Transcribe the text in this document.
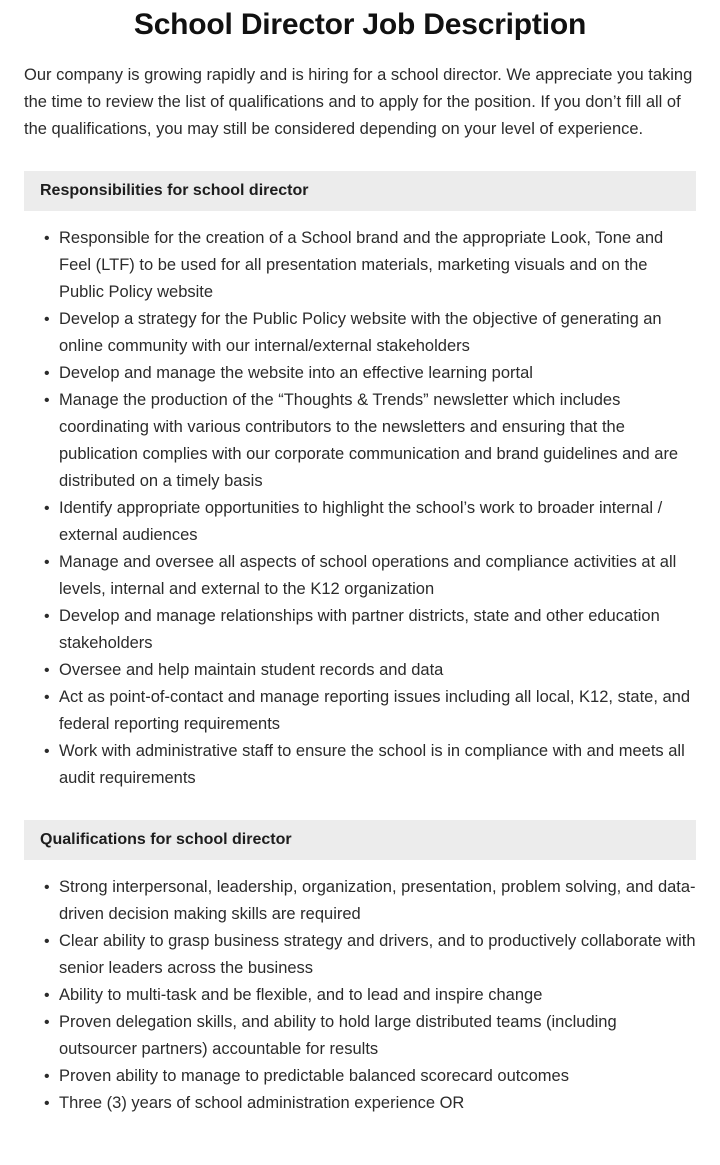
School Director Job Description

Our company is growing rapidly and is hiring for a school director. We appreciate you taking the time to review the list of qualifications and to apply for the position. If you don’t fill all of the qualifications, you may still be considered depending on your level of experience.

Responsibilities for school director
• Responsible for the creation of a School brand and the appropriate Look, Tone and Feel (LTF) to be used for all presentation materials, marketing visuals and on the Public Policy website
• Develop a strategy for the Public Policy website with the objective of generating an online community with our internal/external stakeholders
• Develop and manage the website into an effective learning portal
• Manage the production of the “Thoughts & Trends” newsletter which includes coordinating with various contributors to the newsletters and ensuring that the publication complies with our corporate communication and brand guidelines and are distributed on a timely basis
• Identify appropriate opportunities to highlight the school’s work to broader internal / external audiences
• Manage and oversee all aspects of school operations and compliance activities at all levels, internal and external to the K12 organization
• Develop and manage relationships with partner districts, state and other education stakeholders
• Oversee and help maintain student records and data
• Act as point-of-contact and manage reporting issues including all local, K12, state, and federal reporting requirements
• Work with administrative staff to ensure the school is in compliance with and meets all audit requirements
Qualifications for school director
• Strong interpersonal, leadership, organization, presentation, problem solving, and data-driven decision making skills are required
• Clear ability to grasp business strategy and drivers, and to productively collaborate with senior leaders across the business
• Ability to multi-task and be flexible, and to lead and inspire change
• Proven delegation skills, and ability to hold large distributed teams (including outsourcer partners) accountable for results
• Proven ability to manage to predictable balanced scorecard outcomes
• Three (3) years of school administration experience OR
